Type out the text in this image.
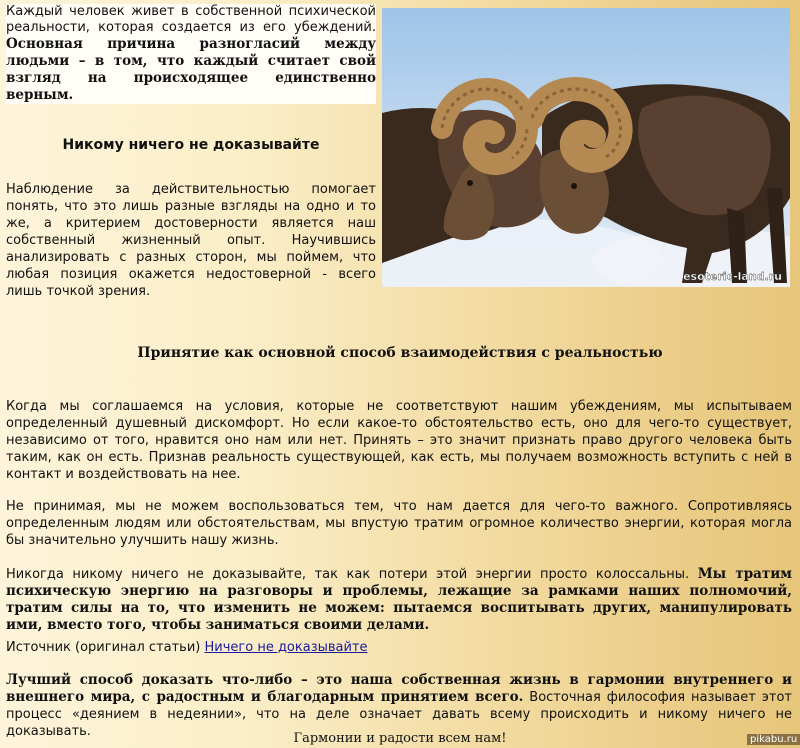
Каждый человек живет в собственной психической реальности, которая создается из его убеждений. Основная причина разногласий между людьми – в том, что каждый считает свой взгляд на происходящее единственно верным.
Никому ничего не доказывайте
Наблюдение за действительностью помогает понять, что это лишь разные взгляды на одно и то же, а критерием достоверности является наш собственный жизненный опыт. Научившись анализировать с разных сторон, мы поймем, что любая позиция окажется недостоверной - всего лишь точкой зрения.
esoteric-land.ru
Принятие как основной способ взаимодействия с реальностью
Когда мы соглашаемся на условия, которые не соответствуют нашим убеждениям, мы испытываем определенный душевный дискомфорт. Но если какое-то обстоятельство есть, оно для чего-то существует, независимо от того, нравится оно нам или нет. Принять – это значит признать право другого человека быть таким, как он есть. Признав реальность существующей, как есть, мы получаем возможность вступить с ней в контакт и воздействовать на нее.
Не принимая, мы не можем воспользоваться тем, что нам дается для чего-то важного. Сопротивляясь определенным людям или обстоятельствам, мы впустую тратим огромное количество энергии, которая могла бы значительно улучшить нашу жизнь.
Никогда никому ничего не доказывайте, так как потери этой энергии просто колоссальны. Мы тратим психическую энергию на разговоры и проблемы, лежащие за рамками наших полномочий, тратим силы на то, что изменить не можем: пытаемся воспитывать других, манипулировать ими, вместо того, чтобы заниматься своими делами.
Источник (оригинал статьи) Ничего не доказывайте
Лучший способ доказать что-либо – это наша собственная жизнь в гармонии внутреннего и внешнего мира, с радостным и благодарным принятием всего. Восточная философия называет этот процесс «деянием в недеянии», что на деле означает давать всему происходить и никому ничего не доказывать.	Гармонии и радости всем нам!	pikabu.ru
